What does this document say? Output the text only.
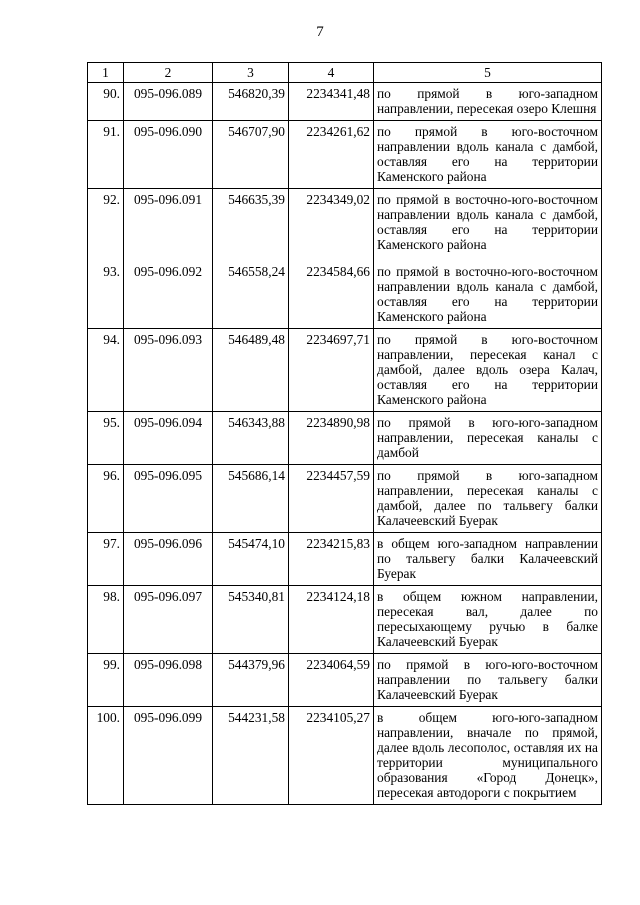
7
1	2	3	4	5
90.	095-096.089	546820,39	2234341,48	по прямой в юго-западном направлении, пересекая озеро Клешня
91.	095-096.090	546707,90	2234261,62	по прямой в юго-восточном направлении вдоль канала с дамбой, оставляя его на территории Каменского района
92.	095-096.091	546635,39	2234349,02	по прямой в восточно-юго-восточном направлении вдоль канала с дамбой, оставляя его на территории Каменского района
93.	095-096.092	546558,24	2234584,66	по прямой в восточно-юго-восточном направлении вдоль канала с дамбой, оставляя его на территории Каменского района
94.	095-096.093	546489,48	2234697,71	по прямой в юго-восточном направлении, пересекая канал с дамбой, далее вдоль озера Калач, оставляя его на территории Каменского района
95.	095-096.094	546343,88	2234890,98	по прямой в юго-юго-западном направлении, пересекая каналы с дамбой
96.	095-096.095	545686,14	2234457,59	по прямой в юго-западном направлении, пересекая каналы с дамбой, далее по тальвегу балки Калачеевский Буерак
97.	095-096.096	545474,10	2234215,83	в общем юго-западном направлении по тальвегу балки Калачеевский Буерак
98.	095-096.097	545340,81	2234124,18	в общем южном направлении, пересекая вал, далее по пересыхающему ручью в балке Калачеевский Буерак
99.	095-096.098	544379,96	2234064,59	по прямой в юго-юго-восточном направлении по тальвегу балки Калачеевский Буерак
100.	095-096.099	544231,58	2234105,27	в общем юго-юго-западном направлении, вначале по прямой, далее вдоль лесополос, оставляя их на территории муниципального образования «Город Донецк», пересекая автодороги с покрытием
